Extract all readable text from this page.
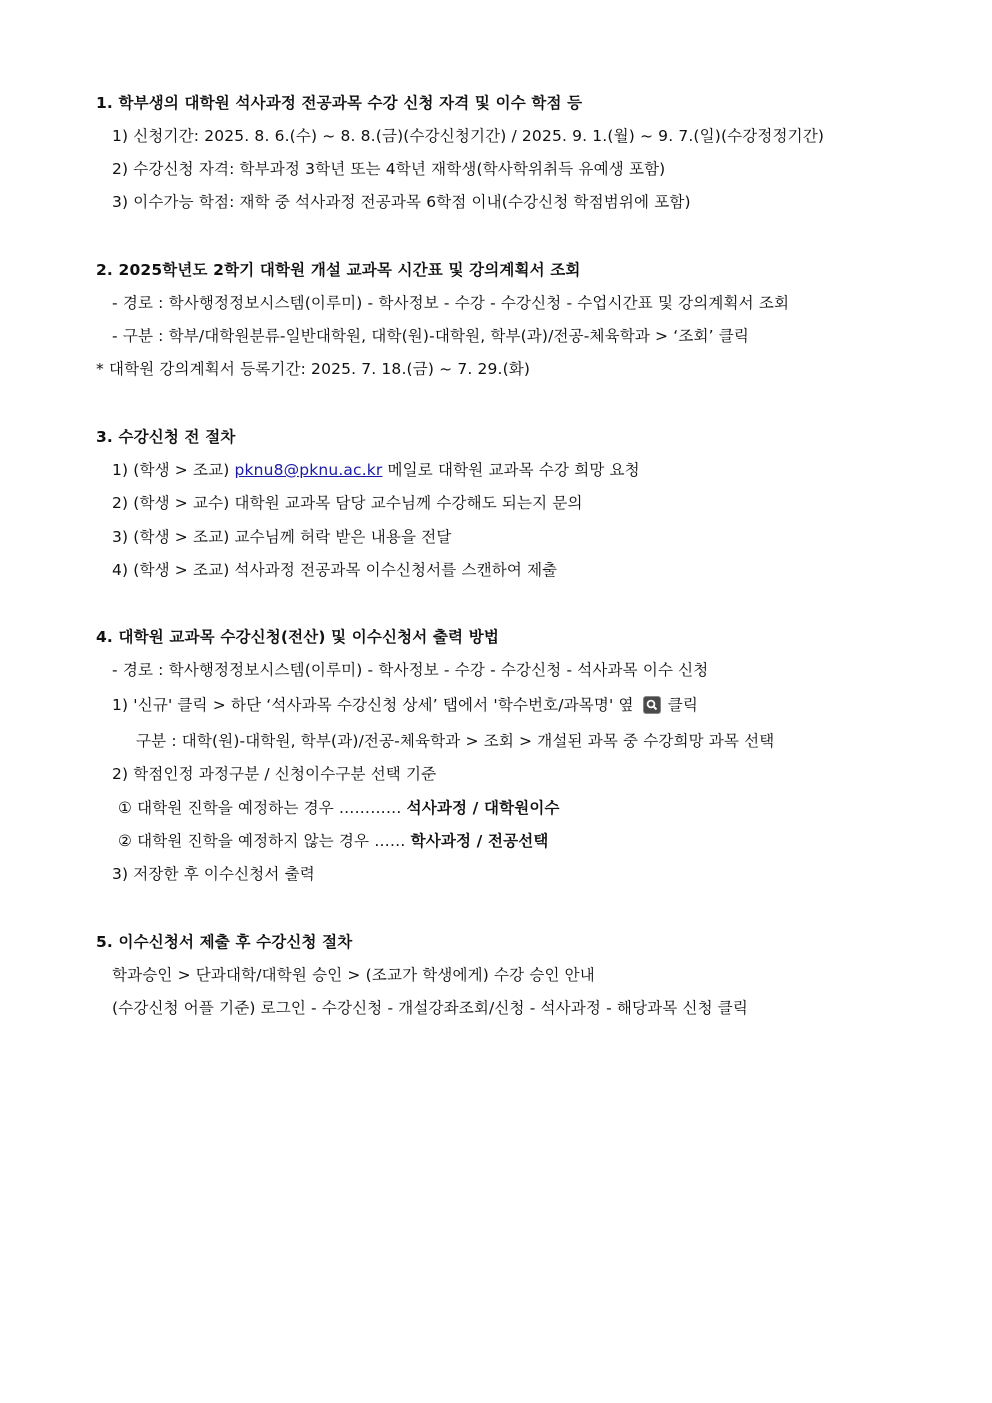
1. 학부생의 대학원 석사과정 전공과목 수강 신청 자격 및 이수 학점 등
1) 신청기간: 2025. 8. 6.(수) ~ 8. 8.(금)(수강신청기간) / 2025. 9. 1.(월) ~ 9. 7.(일)(수강정정기간)
2) 수강신청 자격: 학부과정 3학년 또는 4학년 재학생(학사학위취득 유예생 포함)
3) 이수가능 학점: 재학 중 석사과정 전공과목 6학점 이내(수강신청 학점범위에 포함)
2. 2025학년도 2학기 대학원 개설 교과목 시간표 및 강의계획서 조회
- 경로 : 학사행정정보시스템(이루미) - 학사정보 - 수강 - 수강신청 - 수업시간표 및 강의계획서 조회
- 구분 : 학부/대학원분류-일반대학원, 대학(원)-대학원, 학부(과)/전공-체육학과 > ‘조회’ 클릭
* 대학원 강의계획서 등록기간: 2025. 7. 18.(금) ~ 7. 29.(화)
3. 수강신청 전 절차
1) (학생 > 조교) pknu8@pknu.ac.kr 메일로 대학원 교과목 수강 희망 요청
2) (학생 > 교수) 대학원 교과목 담당 교수님께 수강해도 되는지 문의
3) (학생 > 조교) 교수님께 허락 받은 내용을 전달
4) (학생 > 조교) 석사과정 전공과목 이수신청서를 스캔하여 제출
4. 대학원 교과목 수강신청(전산) 및 이수신청서 출력 방법
- 경로 : 학사행정정보시스템(이루미) - 학사정보 - 수강 - 수강신청 - 석사과목 이수 신청
1) '신규' 클릭 > 하단 ‘석사과목 수강신청 상세’ 탭에서 '학수번호/과목명' 옆  클릭
구분 : 대학(원)-대학원, 학부(과)/전공-체육학과 > 조회 > 개설된 과목 중 수강희망 과목 선택
2) 학점인정 과정구분 / 신청이수구분 선택 기준
① 대학원 진학을 예정하는 경우 ………… 석사과정 / 대학원이수
② 대학원 진학을 예정하지 않는 경우 …… 학사과정 / 전공선택
3) 저장한 후 이수신청서 출력
5. 이수신청서 제출 후 수강신청 절차
학과승인 > 단과대학/대학원 승인 > (조교가 학생에게) 수강 승인 안내
(수강신청 어플 기준) 로그인 - 수강신청 - 개설강좌조회/신청 - 석사과정 - 해당과목 신청 클릭
